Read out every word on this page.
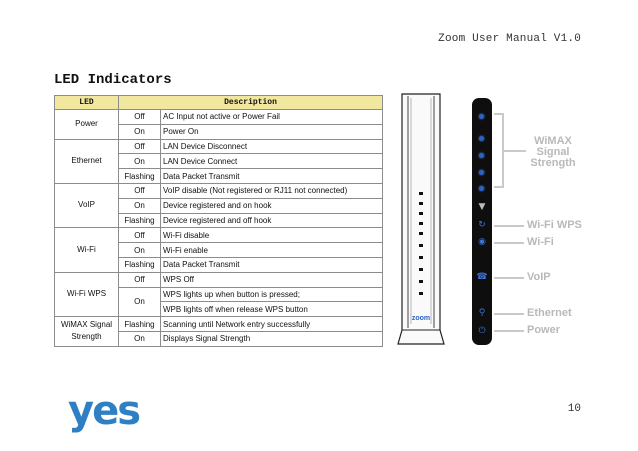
Zoom User Manual V1.0
LED Indicators
LED	Description	
Power	Off	AC Input not active or Power Fail
	On	Power On
Ethernet	Off	LAN Device Disconnect
	On	LAN Device Connect
	Flashing	Data Packet Transmit
VoIP	Off	VoIP disable (Not registered or RJ11 not connected)
	On	Device registered and on hook
	Flashing	Device registered and off hook
Wi-Fi	Off	Wi-Fi disable
	On	Wi-Fi enable
	Flashing	Data Packet Transmit
Wi-Fi WPS	Off	WPS Off
	On	WPS lights up when button is pressed;
		WPB lights off when release WPS button
WiMAX Signal
Strength	Flashing	Scanning until Network entry successfully
	On	Displays Signal Strength
zoom
▼
↻
◉
☎
⚲
⏻
WiMAX
Signal
Strength
Wi-Fi WPS
Wi-Fi
VoIP
Ethernet
Power
yes	10
